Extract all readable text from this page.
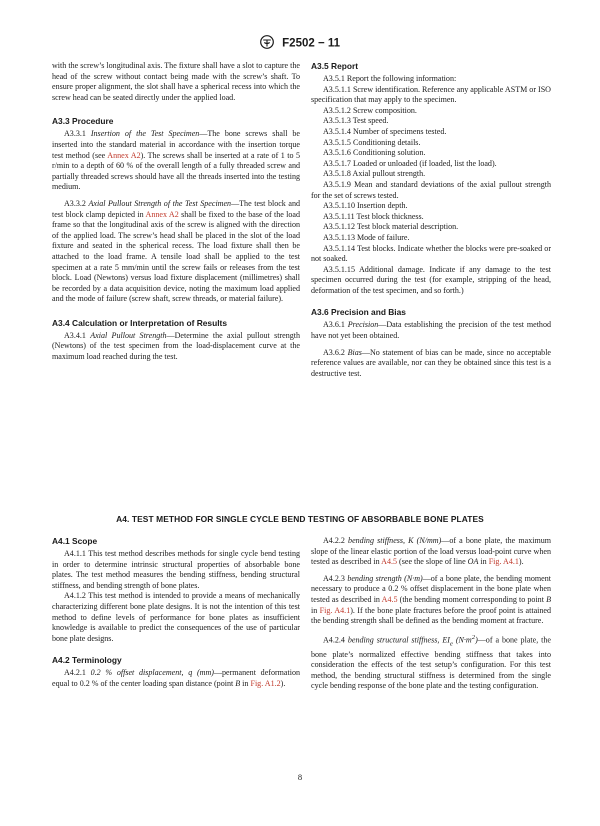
F2502 − 11

with the screw’s longitudinal axis. The fixture shall have a slot to capture the head of the screw without contact being made with the screw’s shaft. To ensure proper alignment, the slot shall have a spherical recess into which the screw head can be seated directly under the applied load.

A3.3 Procedure

A3.3.1 Insertion of the Test Specimen—The bone screws shall be inserted into the standard material in accordance with the insertion torque test method (see Annex A2). The screws shall be inserted at a rate of 1 to 5 r/min to a depth of 60 % of the overall length of a fully threaded screw and partially threaded screws should have all the threads inserted into the testing medium.

A3.3.2 Axial Pullout Strength of the Test Specimen—The test block and test block clamp depicted in Annex A2 shall be fixed to the base of the load frame so that the longitudinal axis of the screw is aligned with the direction of the applied load. The screw’s head shall be placed in the slot of the load fixture and seated in the spherical recess. The load fixture shall then be attached to the load frame. A tensile load shall be applied to the test specimen at a rate 5 mm/min until the screw fails or releases from the test block. Load (Newtons) versus load fixture displacement (millimetres) shall be recorded by a data acquisition device, noting the maximum load applied and the mode of failure (screw shaft, screw threads, or material failure).

A3.4 Calculation or Interpretation of Results

A3.4.1 Axial Pullout Strength—Determine the axial pullout strength (Newtons) of the test specimen from the load-displacement curve at the maximum load reached during the test.

A3.5 Report

A3.5.1 Report the following information:

A3.5.1.1 Screw identification. Reference any applicable ASTM or ISO specification that may apply to the specimen.

A3.5.1.2 Screw composition.

A3.5.1.3 Test speed.

A3.5.1.4 Number of specimens tested.

A3.5.1.5 Conditioning details.

A3.5.1.6 Conditioning solution.

A3.5.1.7 Loaded or unloaded (if loaded, list the load).

A3.5.1.8 Axial pullout strength.

A3.5.1.9 Mean and standard deviations of the axial pullout strength for the set of screws tested.

A3.5.1.10 Insertion depth.

A3.5.1.11 Test block thickness.

A3.5.1.12 Test block material description.

A3.5.1.13 Mode of failure.

A3.5.1.14 Test blocks. Indicate whether the blocks were pre-soaked or not soaked.

A3.5.1.15 Additional damage. Indicate if any damage to the test specimen occurred during the test (for example, stripping of the head, deformation of the test specimen, and so forth.)

A3.6 Precision and Bias

A3.6.1 Precision—Data establishing the precision of the test method have not yet been obtained.

A3.6.2 Bias—No statement of bias can be made, since no acceptable reference values are available, nor can they be obtained since this test is a destructive test.

A4. TEST METHOD FOR SINGLE CYCLE BEND TESTING OF ABSORBABLE BONE PLATES
A4.1 Scope

A4.1.1 This test method describes methods for single cycle bend testing in order to determine intrinsic structural properties of absorbable bone plates. The test method measures the bending stiffness, bending structural stiffness, and bending strength of bone plates.

A4.1.2 This test method is intended to provide a means of mechanically characterizing different bone plate designs. It is not the intention of this test method to define levels of performance for bone plates as insufficient knowledge is available to predict the consequences of the use of particular bone plate designs.

A4.2 Terminology

A4.2.1 0.2 % offset displacement, q (mm)—permanent deformation equal to 0.2 % of the center loading span distance (point B in Fig. A1.2).

A4.2.2 bending stiffness, K (N/mm)—of a bone plate, the maximum slope of the linear elastic portion of the load versus load-point curve when tested as described in A4.5 (see the slope of line OA in Fig. A4.1).

A4.2.3 bending strength (N·m)—of a bone plate, the bending moment necessary to produce a 0.2 % offset displacement in the bone plate when tested as described in A4.5 (the bending moment corresponding to point B in Fig. A4.1). If the bone plate fractures before the proof point is attained the bending strength shall be defined as the bending moment at fracture.

A4.2.4 bending structural stiffness, $EI_e$ $(N\cdot m^2)—of$ a bone plate, the bone plate’s normalized effective bending stiffness that takes into consideration the effects of the test setup’s configuration. For this test method, the bending structural stiffness is determined from the single cycle bending response of the bone plate and the testing configuration.

8
